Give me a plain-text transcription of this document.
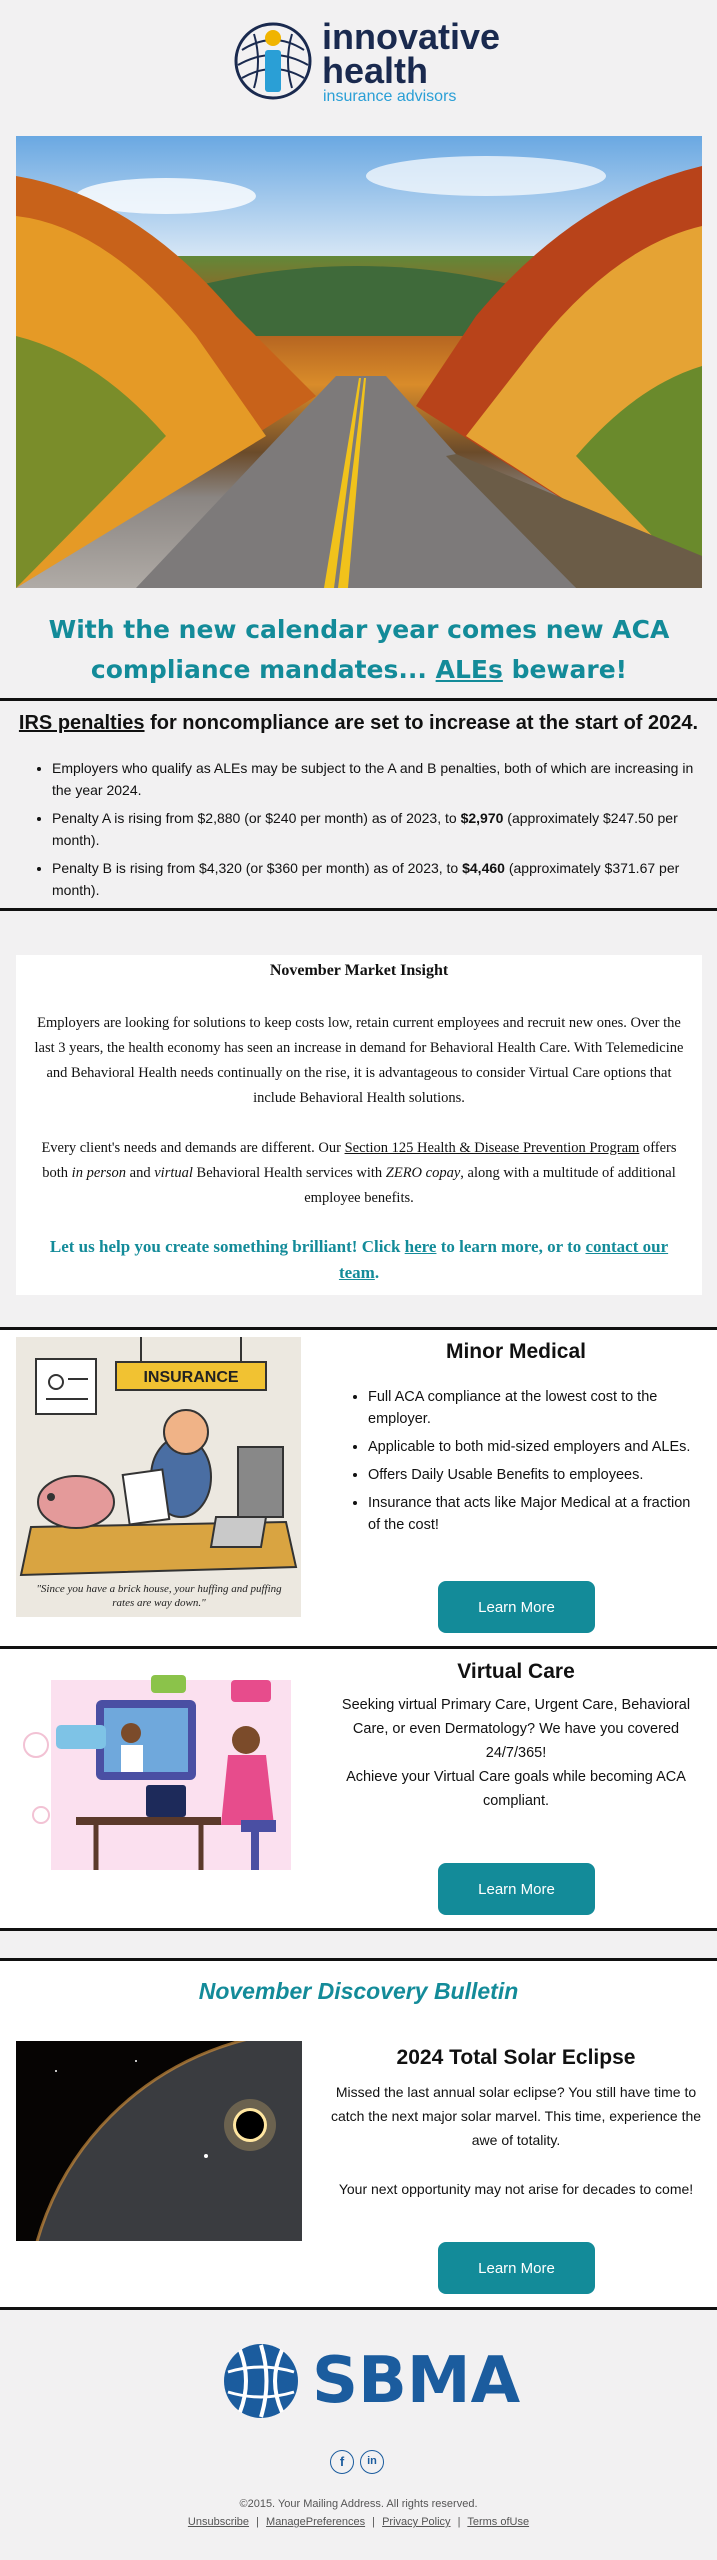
innovative
health
insurance advisors
With the new calendar year comes new ACA compliance mandates... ALEs beware!
IRS penalties for noncompliance are set to increase at the start of 2024.
• Employers who qualify as ALEs may be subject to the A and B penalties, both of which are increasing in the year 2024.
• Penalty A is rising from $2,880 (or $240 per month) as of 2023, to $2,970 (approximately $247.50 per month).
• Penalty B is rising from $4,320 (or $360 per month) as of 2023, to $4,460 (approximately $371.67 per month).
November Market Insight
Employers are looking for solutions to keep costs low, retain current employees and recruit new ones. Over the last 3 years, the health economy has seen an increase in demand for Behavioral Health Care. With Telemedicine and Behavioral Health needs continually on the rise, it is advantageous to consider Virtual Care options that include Behavioral Health solutions.
Every client's needs and demands are different. Our Section 125 Health & Disease Prevention Program offers both in person and virtual Behavioral Health services with ZERO copay, along with a multitude of additional employee benefits.
Let us help you create something brilliant! Click here to learn more, or to contact our team.
INSURANCE
"Since you have a brick house, your huffing and puffing rates are way down."
Minor Medical
• Full ACA compliance at the lowest cost to the employer.
• Applicable to both mid-sized employers and ALEs.
• Offers Daily Usable Benefits to employees.
• Insurance that acts like Major Medical at a fraction of the cost!
Learn More
Virtual Care
Seeking virtual Primary Care, Urgent Care, Behavioral Care, or even Dermatology? We have you covered 24/7/365!
Achieve your Virtual Care goals while becoming ACA compliant.
Learn More
November Discovery Bulletin
2024 Total Solar Eclipse
Missed the last annual solar eclipse? You still have time to catch the next major solar marvel. This time, experience the awe of totality.
Your next opportunity may not arise for decades to come!
Learn More
SBMA
f	in
©2015. Your Mailing Address. All rights reserved.
Unsubscribe | ManagePreferences | Privacy Policy | Terms ofUse
